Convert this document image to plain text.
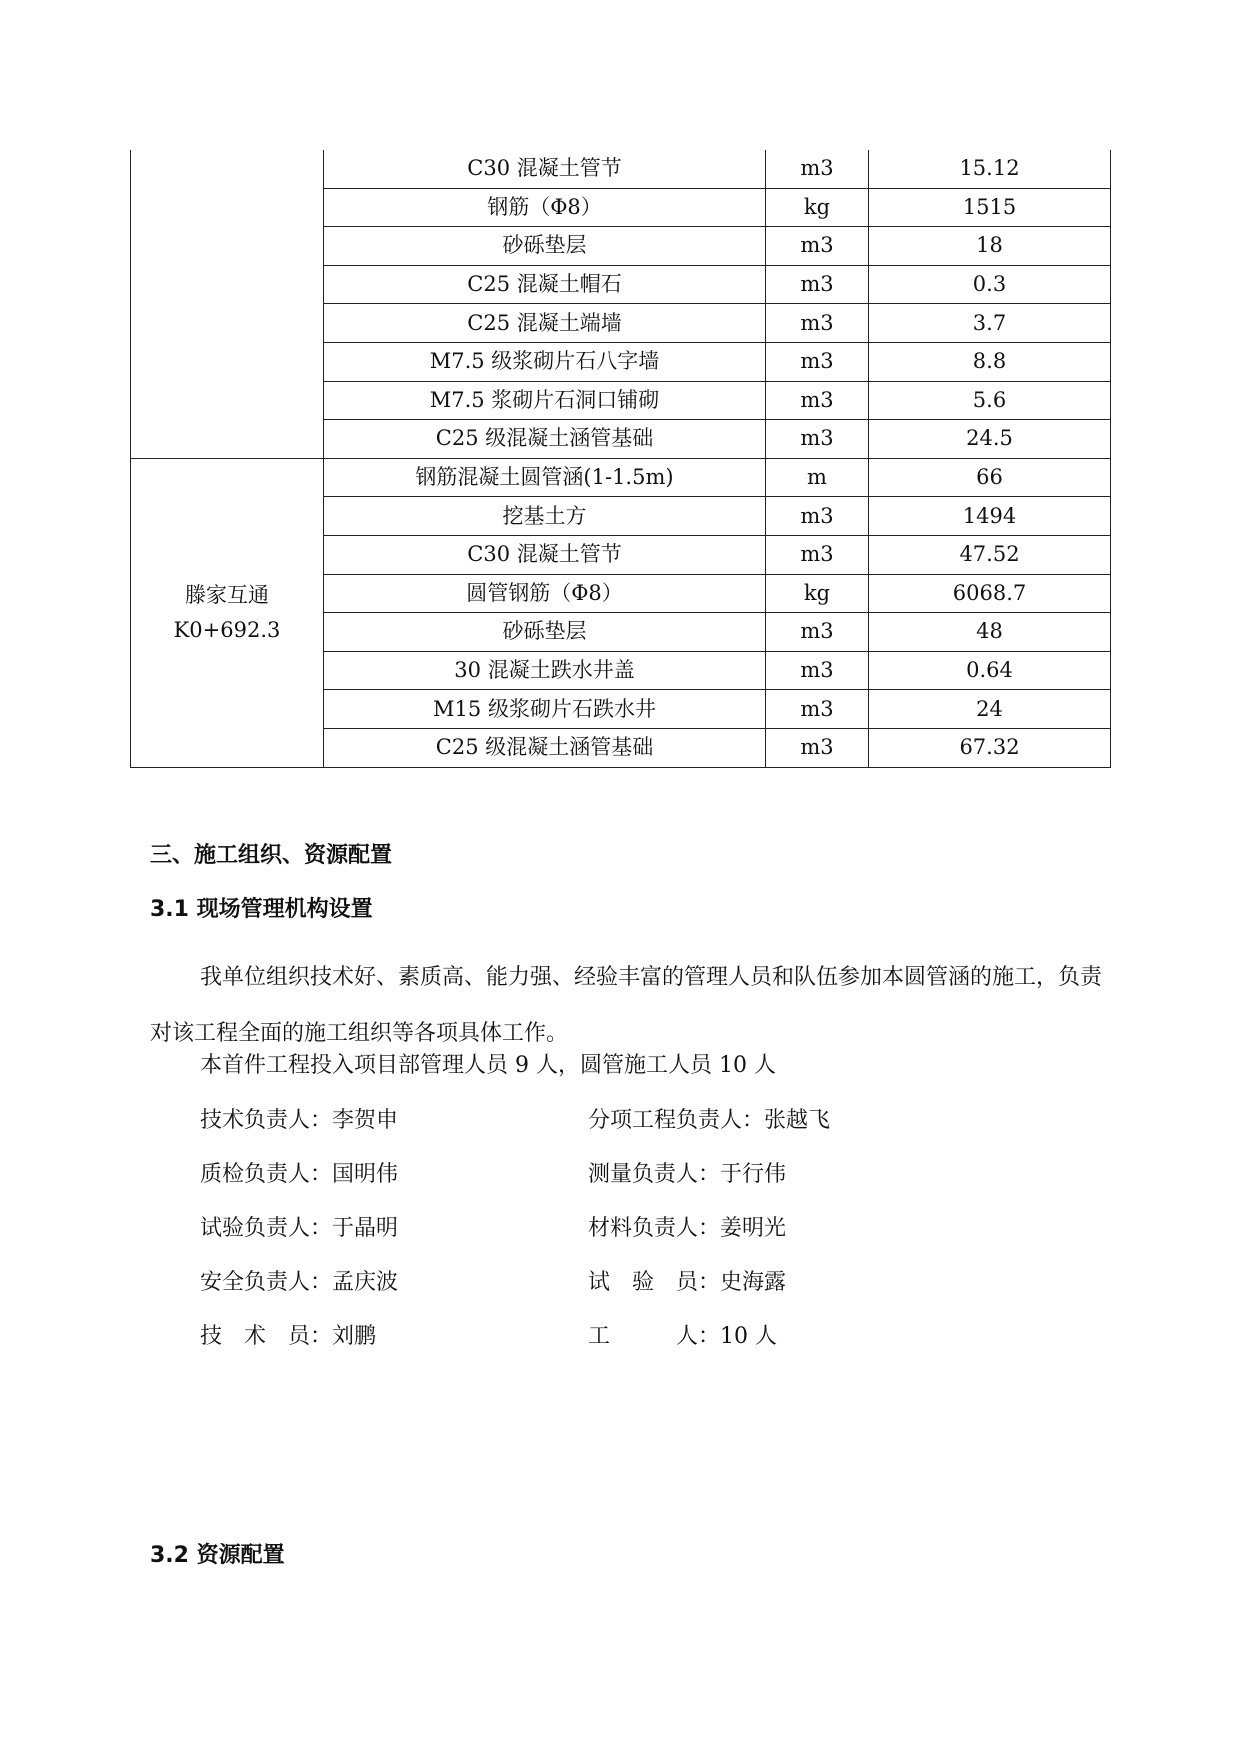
	C30 混凝土管节	m3	15.12
	钢筋（Φ8）	kg	1515
	砂砾垫层	m3	18
	C25 混凝土帽石	m3	0.3
	C25 混凝土端墙	m3	3.7
	M7.5 级浆砌片石八字墙	m3	8.8
	M7.5 浆砌片石洞口铺砌	m3	5.6
	C25 级混凝土涵管基础	m3	24.5

滕家互通
K0+692.3	钢筋混凝土圆管涵(1-1.5m)	m	66
	挖基土方	m3	1494
	C30 混凝土管节	m3	47.52
	圆管钢筋（Φ8）	kg	6068.7
	砂砾垫层	m3	48
	30 混凝土跌水井盖	m3	0.64
	M15 级浆砌片石跌水井	m3	24
	C25 级混凝土涵管基础	m3	67.32
三、施工组织、资源配置
3.1 现场管理机构设置

我单位组织技术好、素质高、能力强、经验丰富的管理人员和队伍参加本圆管涵的施工，负责对该工程全面的施工组织等各项具体工作。

本首件工程投入项目部管理人员 9 人，圆管施工人员 10 人
技术负责人：李贺申	分项工程负责人：张越飞
质检负责人：国明伟	测量负责人：于行伟
试验负责人：于晶明	材料负责人：姜明光
安全负责人：孟庆波	试　验　员：史海露
技　术　员：刘鹏	工　　　人：10 人
3.2 资源配置
